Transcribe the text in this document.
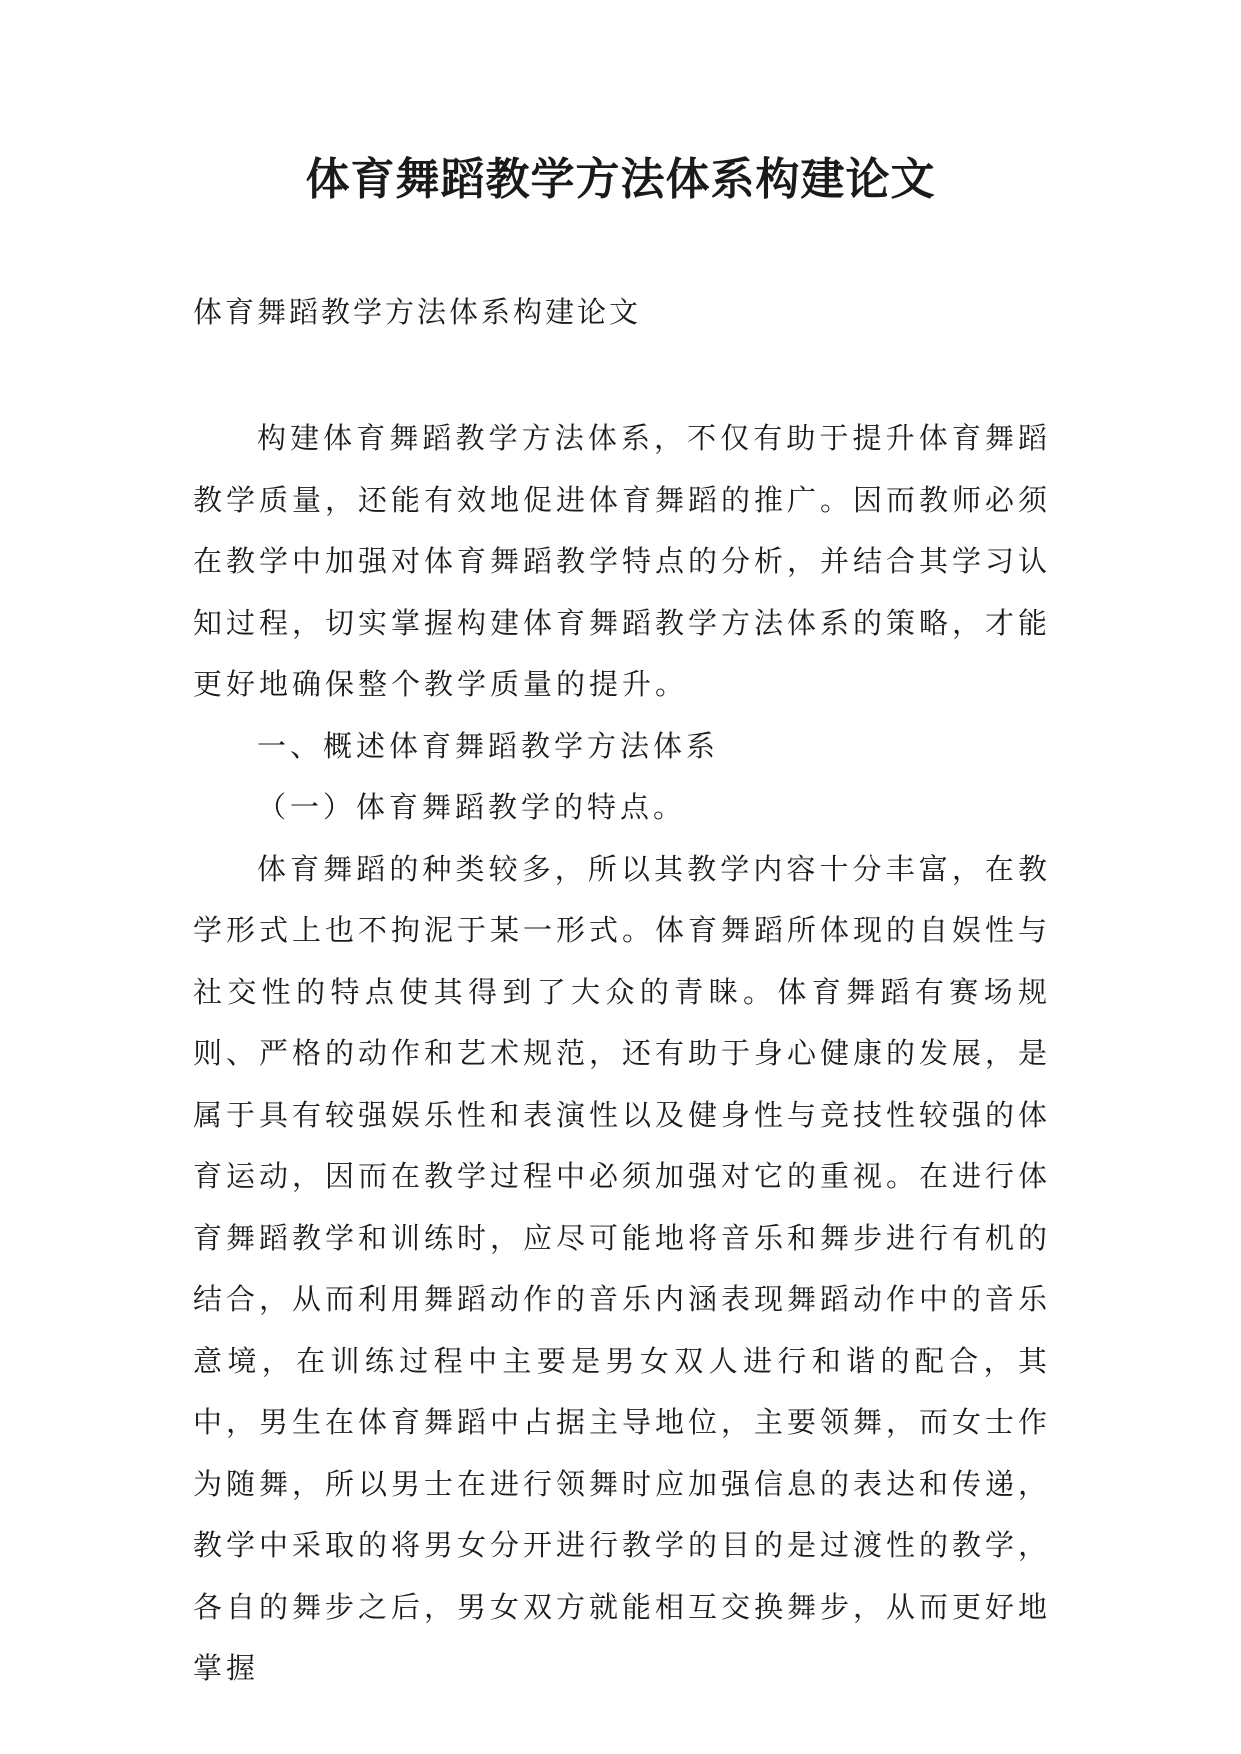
体育舞蹈教学方法体系构建论文

体育舞蹈教学方法体系构建论文

构建体育舞蹈教学方法体系，不仅有助于提升体育舞蹈教学质量，还能有效地促进体育舞蹈的推广。因而教师必须在教学中加强对体育舞蹈教学特点的分析，并结合其学习认知过程，切实掌握构建体育舞蹈教学方法体系的策略，才能更好地确保整个教学质量的提升。

一、概述体育舞蹈教学方法体系

（一）体育舞蹈教学的特点。

体育舞蹈的种类较多，所以其教学内容十分丰富，在教学形式上也不拘泥于某一形式。体育舞蹈所体现的自娱性与社交性的特点使其得到了大众的青睐。体育舞蹈有赛场规则、严格的动作和艺术规范，还有助于身心健康的发展，是属于具有较强娱乐性和表演性以及健身性与竞技性较强的体育运动，因而在教学过程中必须加强对它的重视。在进行体育舞蹈教学和训练时，应尽可能地将音乐和舞步进行有机的结合，从而利用舞蹈动作的音乐内涵表现舞蹈动作中的音乐意境，在训练过程中主要是男女双人进行和谐的配合，其中，男生在体育舞蹈中占据主导地位，主要领舞，而女士作为随舞，所以男士在进行领舞时应加强信息的表达和传递，教学中采取的将男女分开进行教学的目的是过渡性的教学，各自的舞步之后，男女双方就能相互交换舞步，从而更好地掌握
